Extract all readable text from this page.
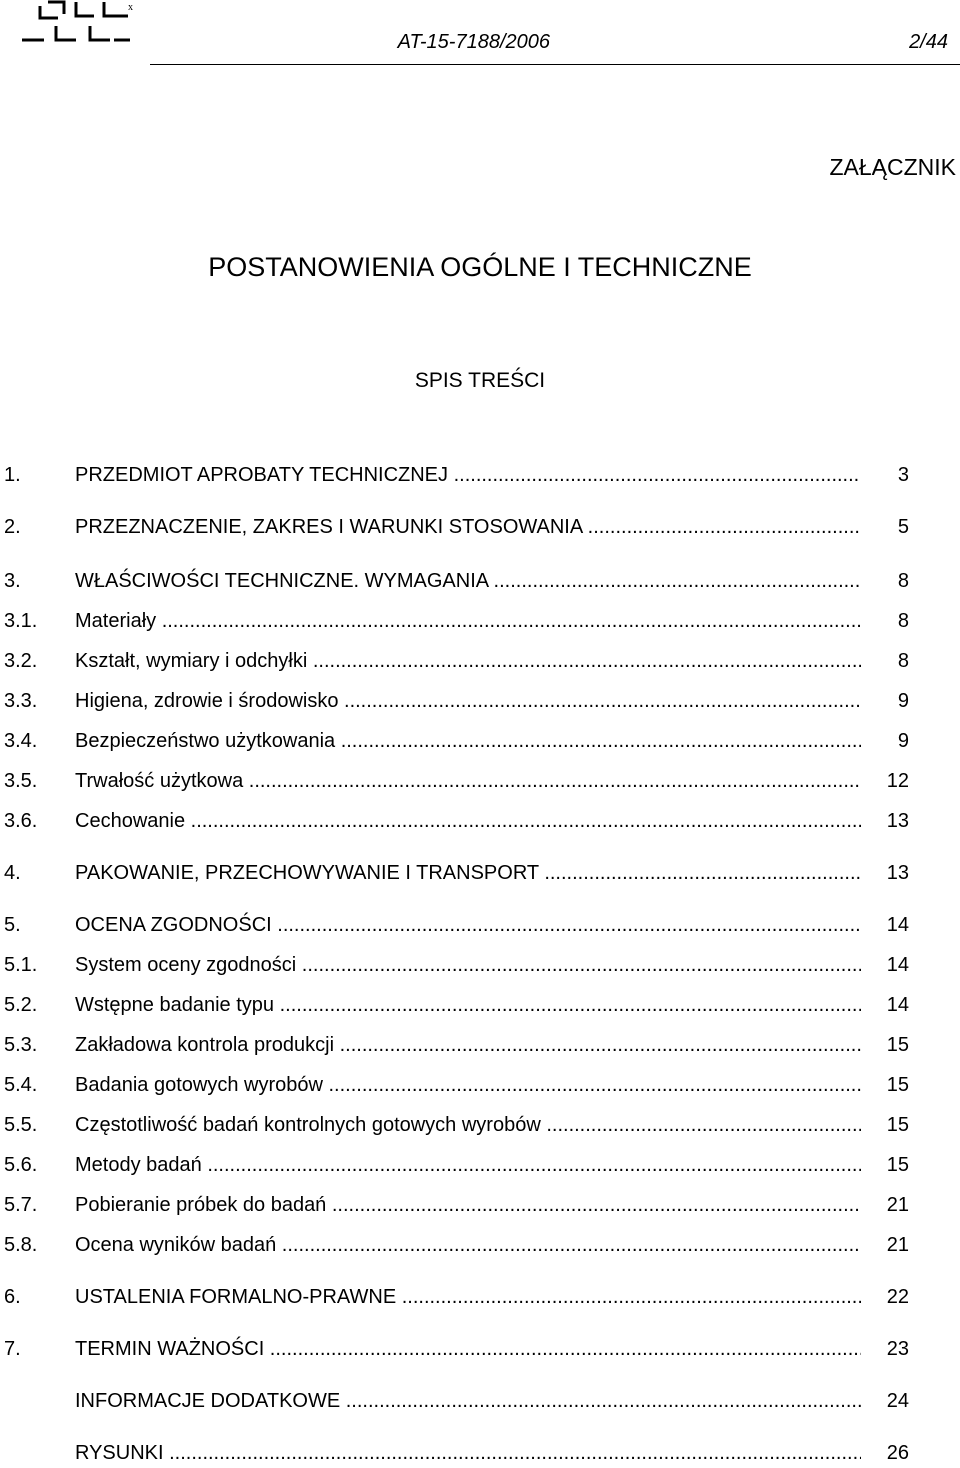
x
AT-15-7188/2006	2/44
ZAŁĄCZNIK
POSTANOWIENIA OGÓLNE I TECHNICZNE
SPIS TREŚCI
1.	PRZEDMIOT APROBATY TECHNICZNEJ .....	3
2.	PRZEZNACZENIE, ZAKRES I WARUNKI STOSOWANIA .....	5
3.	WŁAŚCIWOŚCI TECHNICZNE. WYMAGANIA .....	8
3.1. Materiały .....	8
3.2. Kształt, wymiary i odchyłki .....	8
3.3. Higiena, zdrowie i środowisko .....	9
3.4. Bezpieczeństwo użytkowania .....	9
3.5. Trwałość użytkowa .....	12
3.6. Cechowanie .....	13
4.	PAKOWANIE, PRZECHOWYWANIE I TRANSPORT .....	13
5.	OCENA ZGODNOŚCI .....	14
5.1. System oceny zgodności .....	14
5.2. Wstępne badanie typu .....	14
5.3. Zakładowa kontrola produkcji .....	15
5.4. Badania gotowych wyrobów .....	15
5.5. Częstotliwość badań kontrolnych gotowych wyrobów .....	15
5.6. Metody badań .....	15
5.7. Pobieranie próbek do badań .....	21
5.8. Ocena wyników badań .....	21
6.	USTALENIA FORMALNO-PRAWNE .....	22
7.	TERMIN WAŻNOŚCI .....	23
INFORMACJE DODATKOWE .....	24
RYSUNKI .....	26
